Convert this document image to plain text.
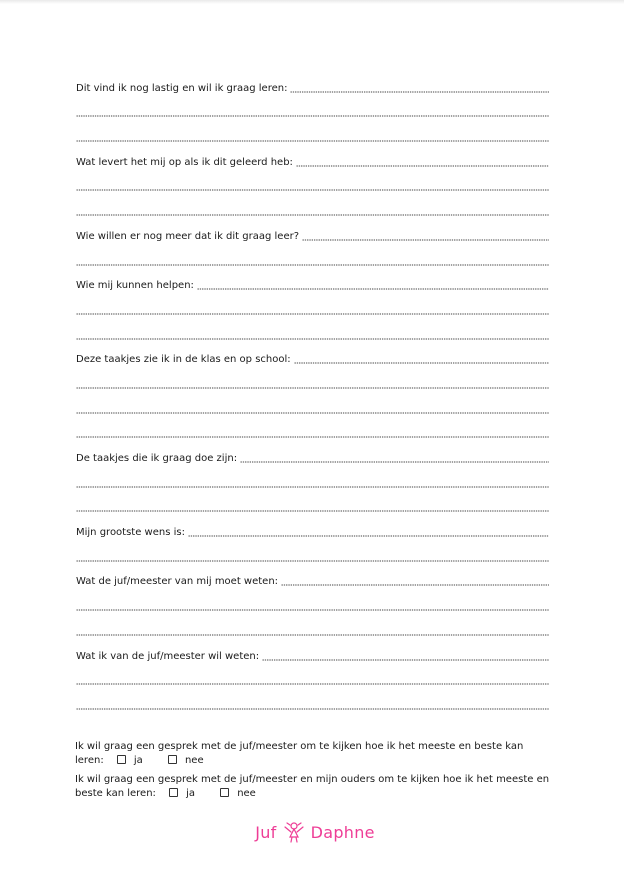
Dit vind ik nog lastig en wil ik graag leren:
Wat levert het mij op als ik dit geleerd heb:
Wie willen er nog meer dat ik dit graag leer?
Wie mij kunnen helpen:
Deze taakjes zie ik in de klas en op school:
De taakjes die ik graag doe zijn:
Mijn grootste wens is:
Wat de juf/meester van mij moet weten:
Wat ik van de juf/meester wil weten:

Ik wil graag een gesprek met de juf/meester om te kijken hoe ik het meeste en beste kan leren:	ja	nee

Ik wil graag een gesprek met de juf/meester en mijn ouders om te kijken hoe ik het meeste en beste kan leren:	ja	nee

Juf Daphne
